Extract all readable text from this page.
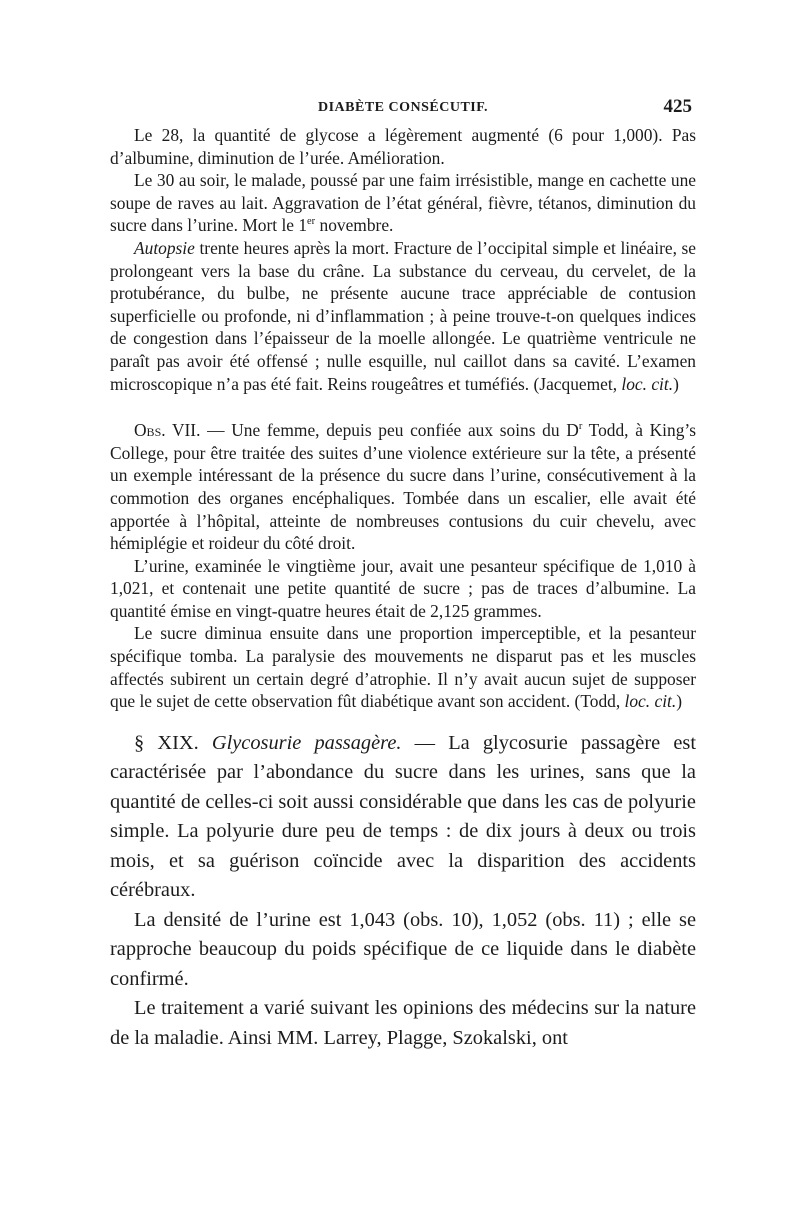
DIABÈTE CONSÉCUTIF.	425

Le 28, la quantité de glycose a légèrement augmenté (6 pour 1,000). Pas d’albumine, diminution de l’urée. Amélioration.

Le 30 au soir, le malade, poussé par une faim irrésistible, mange en cachette une soupe de raves au lait. Aggravation de l’état général, fièvre, tétanos, diminution du sucre dans l’urine. Mort le 1er novembre.

Autopsie trente heures après la mort. Fracture de l’occipital simple et linéaire, se prolongeant vers la base du crâne. La substance du cerveau, du cervelet, de la protubérance, du bulbe, ne présente aucune trace appréciable de contusion superficielle ou profonde, ni d’inflammation ; à peine trouve-t-on quelques indices de congestion dans l’épaisseur de la moelle allongée. Le quatrième ventricule ne paraît pas avoir été offensé ; nulle esquille, nul caillot dans sa cavité. L’examen microscopique n’a pas été fait. Reins rougeâtres et tuméfiés. (Jacquemet, loc. cit.)

Obs. VII. — Une femme, depuis peu confiée aux soins du $D^r$ Todd, à King’s College, pour être traitée des suites d’une violence extérieure sur la tête, a présenté un exemple intéressant de la présence du sucre dans l’urine, consécutivement à la commotion des organes encéphaliques. Tombée dans un escalier, elle avait été apportée à l’hôpital, atteinte de nombreuses contusions du cuir chevelu, avec hémiplégie et roideur du côté droit.

L’urine, examinée le vingtième jour, avait une pesanteur spécifique de 1,010 à 1,021, et contenait une petite quantité de sucre ; pas de traces d’albumine. La quantité émise en vingt-quatre heures était de 2,125 grammes.

Le sucre diminua ensuite dans une proportion imperceptible, et la pesanteur spécifique tomba. La paralysie des mouvements ne disparut pas et les muscles affectés subirent un certain degré d’atrophie. Il n’y avait aucun sujet de supposer que le sujet de cette observation fût diabétique avant son accident. (Todd, loc. cit.)

§ XIX. Glycosurie passagère. — La glycosurie passagère est caractérisée par l’abondance du sucre dans les urines, sans que la quantité de celles-ci soit aussi considérable que dans les cas de polyurie simple. La polyurie dure peu de temps : de dix jours à deux ou trois mois, et sa guérison coïncide avec la disparition des accidents cérébraux.

La densité de l’urine est 1,043 (obs. 10), 1,052 (obs. 11) ; elle se rapproche beaucoup du poids spécifique de ce liquide dans le diabète confirmé.

Le traitement a varié suivant les opinions des médecins sur la nature de la maladie. Ainsi MM. Larrey, Plagge, Szokalski, ont
